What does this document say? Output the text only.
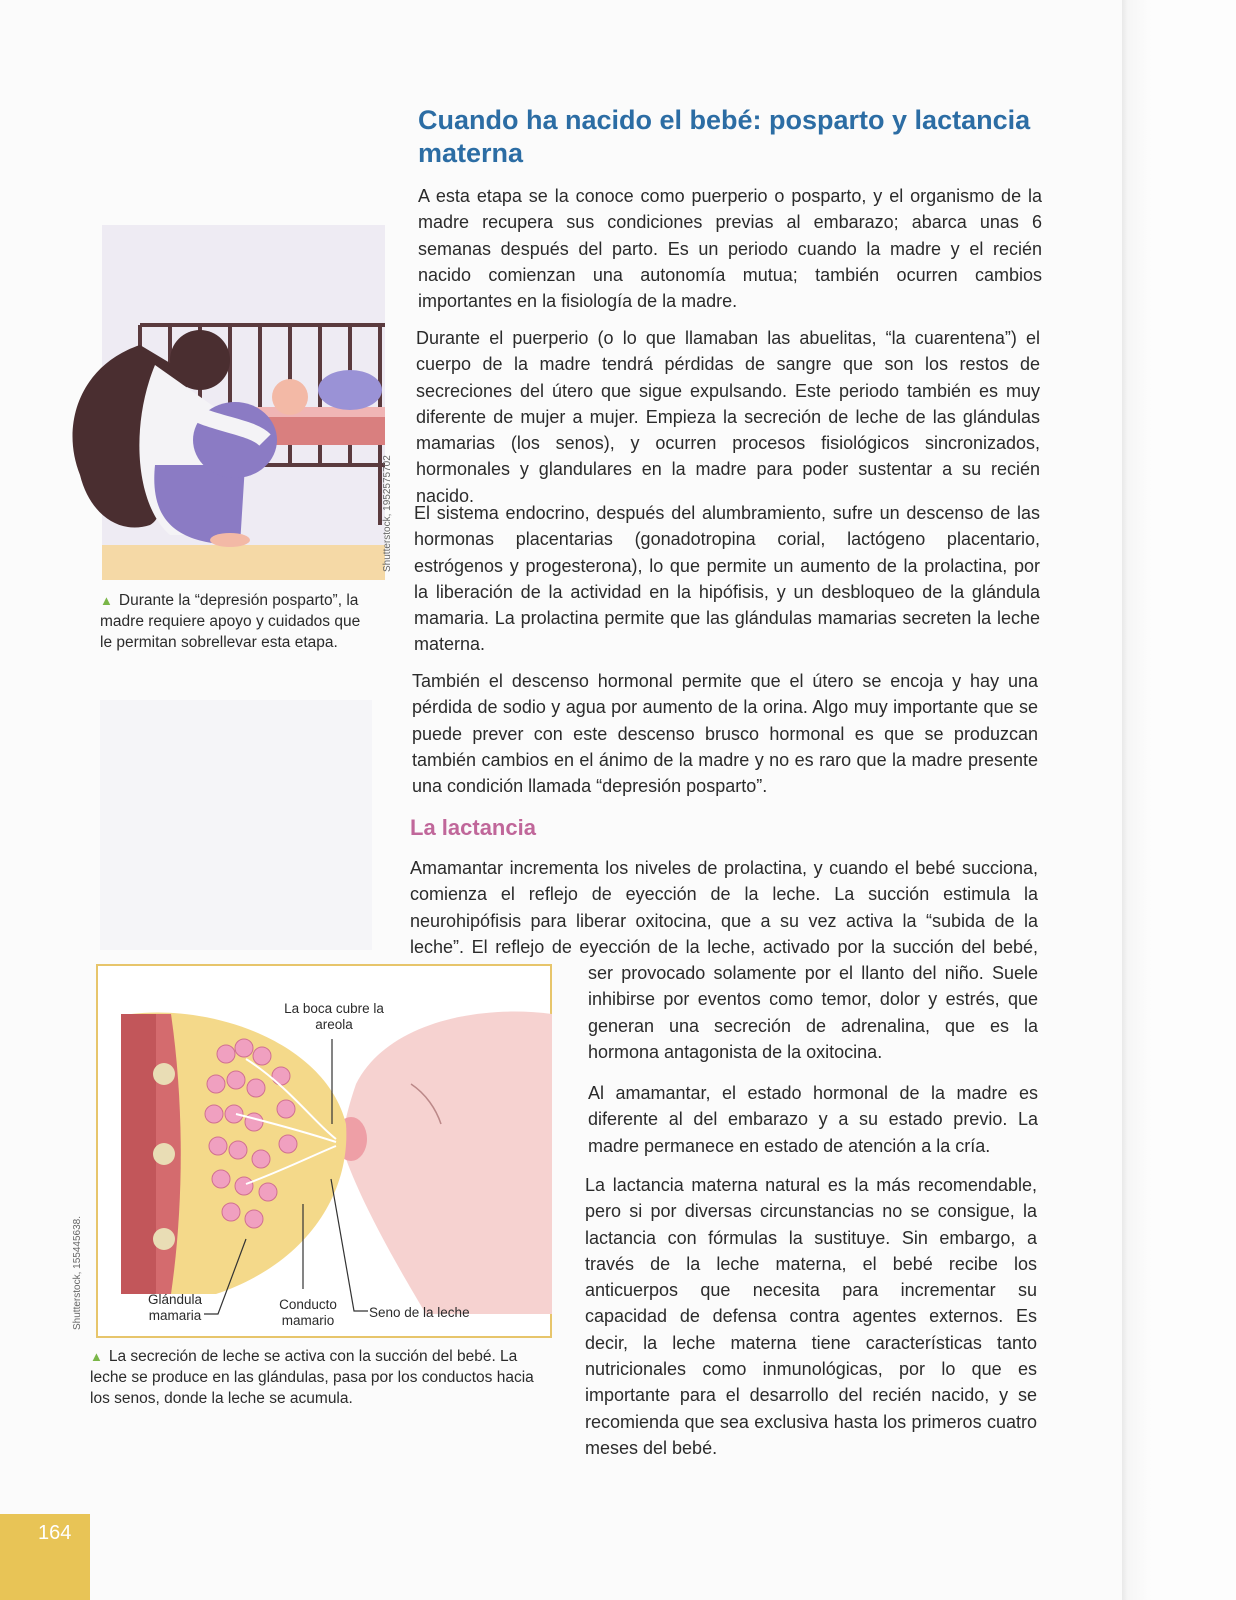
Cuando ha nacido el bebé: posparto y lactancia materna

A esta etapa se la conoce como puerperio o posparto, y el organismo de la madre recupera sus condiciones previas al embarazo; abarca unas 6 semanas después del parto. Es un periodo cuando la madre y el recién nacido comienzan una autonomía mutua; también ocurren cambios importantes en la fisiología de la madre.

Durante el puerperio (o lo que llamaban las abuelitas, “la cuarentena”) el cuerpo de la madre tendrá pérdidas de sangre que son los restos de secreciones del útero que sigue expulsando. Este periodo también es muy diferente de mujer a mujer. Empieza la secreción de leche de las glándulas mamarias (los senos), y ocurren procesos fisiológicos sincronizados, hormonales y glandulares en la madre para poder sustentar a su recién nacido.

El sistema endocrino, después del alumbramiento, sufre un descenso de las hormonas placentarias (gonadotropina corial, lactógeno placentario, estrógenos y progesterona), lo que permite un aumento de la prolactina, por la liberación de la actividad en la hipófisis, y un desbloqueo de la glándula mamaria. La prolactina permite que las glándulas mamarias secreten la leche materna.

También el descenso hormonal permite que el útero se encoja y hay una pérdida de sodio y agua por aumento de la orina. Algo muy importante que se puede prever con este descenso brusco hormonal es que se produzcan también cambios en el ánimo de la madre y no es raro que la madre presente una condición llamada “depresión posparto”.

La lactancia

Amamantar incrementa los niveles de prolactina, y cuando el bebé succiona, comienza el reflejo de eyección de la leche. La succión estimula la neurohipófisis para liberar oxitocina, que a su vez activa la “subida de la leche”. El reflejo de eyección de la leche, activado por la succión del bebé,

ser provocado solamente por el llanto del niño. Suele inhibirse por eventos como temor, dolor y estrés, que generan una secreción de adrenalina, que es la hormona antagonista de la oxitocina.

Al amamantar, el estado hormonal de la madre es diferente al del embarazo y a su estado previo. La madre permanece en estado de atención a la cría.

La lactancia materna natural es la más recomendable, pero si por diversas circunstancias no se consigue, la lactancia con fórmulas la sustituye. Sin embargo, a través de la leche materna, el bebé recibe los anticuerpos que necesita para incrementar su capacidad de defensa contra agentes externos. Es decir, la leche materna tiene características tanto nutricionales como inmunológicas, por lo que es importante para el desarrollo del recién nacido, y se recomienda que sea exclusiva hasta los primeros cuatro meses del bebé.

Shutterstock, 1952575702

▲ Durante la “depresión posparto”, la madre requiere apoyo y cuidados que le permitan sobrellevar esta etapa.

La boca cubre la areola
Glándula mamaria
Conducto mamario
Seno de la leche
Shutterstock, 155445638.

▲ La secreción de leche se activa con la succión del bebé. La leche se produce en las glándulas, pasa por los conductos hacia los senos, donde la leche se acumula.

164
